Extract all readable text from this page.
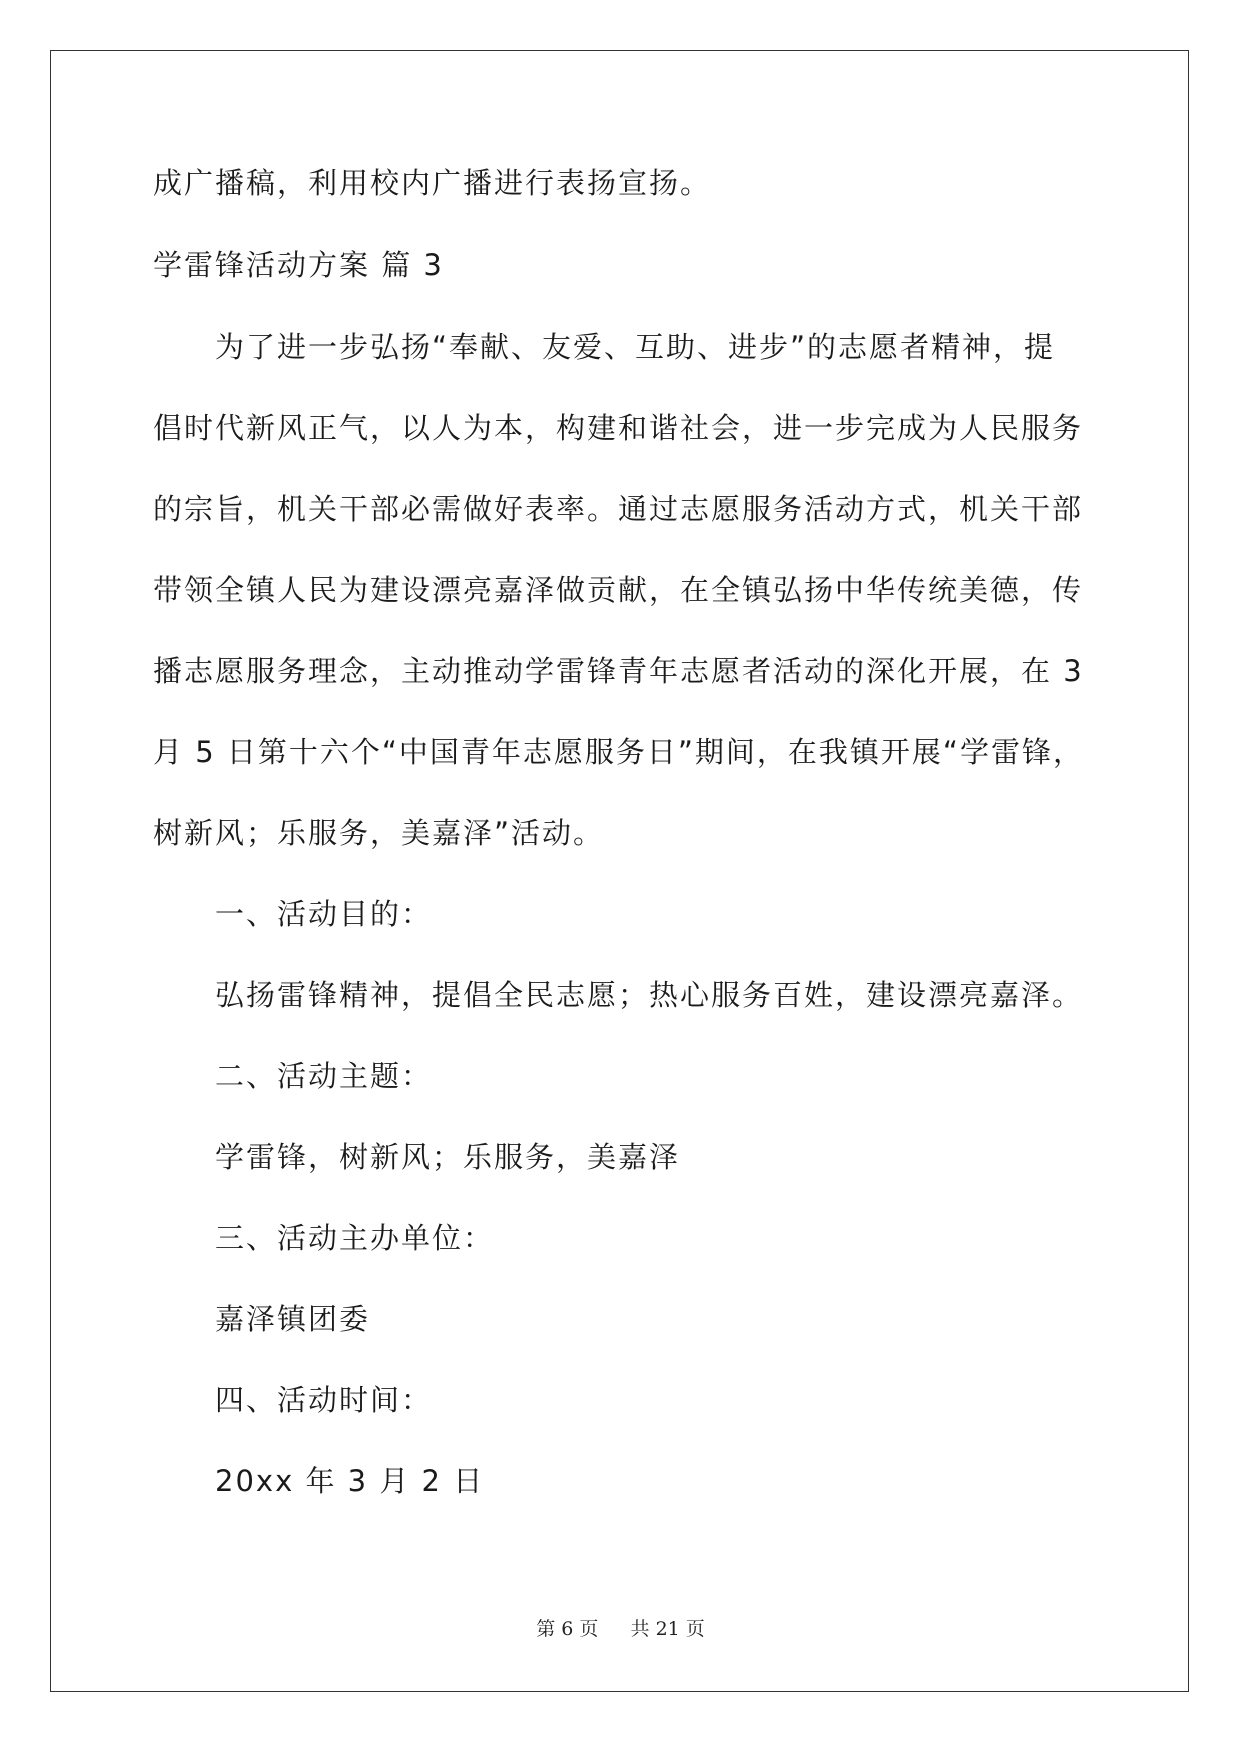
成广播稿，利用校内广播进行表扬宣扬。
学雷锋活动方案 篇 3
为了进一步弘扬“奉献、友爱、互助、进步”的志愿者精神，提
倡时代新风正气，以人为本，构建和谐社会，进一步完成为人民服务
的宗旨，机关干部必需做好表率。通过志愿服务活动方式，机关干部
带领全镇人民为建设漂亮嘉泽做贡献，在全镇弘扬中华传统美德，传
播志愿服务理念，主动推动学雷锋青年志愿者活动的深化开展，在 3
月 5 日第十六个“中国青年志愿服务日”期间，在我镇开展“学雷锋，
树新风；乐服务，美嘉泽”活动。
一、活动目的：
弘扬雷锋精神，提倡全民志愿；热心服务百姓，建设漂亮嘉泽。
二、活动主题：
学雷锋，树新风；乐服务，美嘉泽
三、活动主办单位：
嘉泽镇团委
四、活动时间：
20xx 年 3 月 2 日
第 6 页 共 21 页
